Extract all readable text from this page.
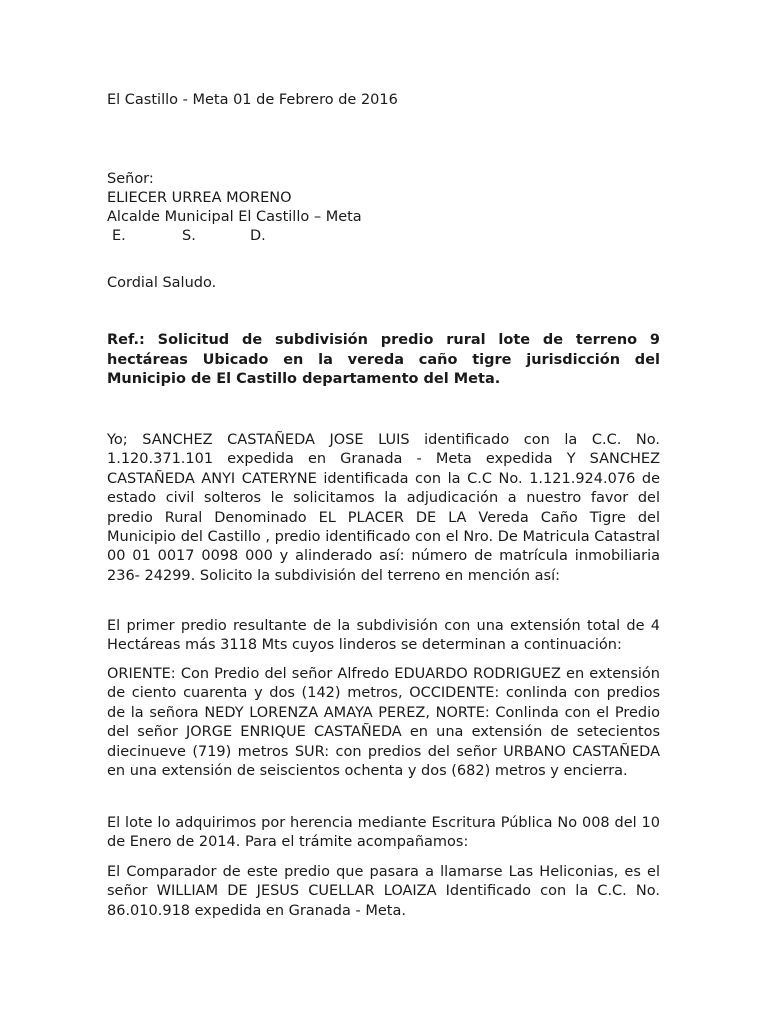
El Castillo - Meta 01 de Febrero de 2016
Señor:
ELIECER URREA MORENO
Alcalde Municipal El Castillo – Meta
E.	S.	D.
Cordial Saludo.
Ref.: Solicitud de subdivisión predio rural lote de terreno 9 hectáreas Ubicado en la vereda caño tigre jurisdicción del Municipio de El Castillo departamento del Meta.
Yo; SANCHEZ CASTAÑEDA JOSE LUIS identificado con la C.C. No. 1.120.371.101 expedida en Granada - Meta expedida Y SANCHEZ CASTAÑEDA ANYI CATERYNE identificada con la C.C No. 1.121.924.076 de estado civil solteros le solicitamos la adjudicación a nuestro favor del predio Rural Denominado EL PLACER DE LA Vereda Caño Tigre del Municipio del Castillo , predio identificado con el Nro. De Matricula Catastral 00 01 0017 0098 000 y alinderado así: número de matrícula inmobiliaria 236- 24299. Solicito la subdivisión del terreno en mención así:
El primer predio resultante de la subdivisión con una extensión total de 4 Hectáreas más 3118 Mts cuyos linderos se determinan a continuación:
ORIENTE: Con Predio del señor Alfredo EDUARDO RODRIGUEZ en extensión de ciento cuarenta y dos (142) metros, OCCIDENTE: conlinda con predios de la señora NEDY LORENZA AMAYA PEREZ, NORTE: Conlinda con el Predio del señor JORGE ENRIQUE CASTAÑEDA en una extensión de setecientos diecinueve (719) metros SUR: con predios del señor URBANO CASTAÑEDA en una extensión de seiscientos ochenta y dos (682) metros y encierra.
El lote lo adquirimos por herencia mediante Escritura Pública No 008 del 10 de Enero de 2014. Para el trámite acompañamos:
El Comparador de este predio que pasara a llamarse Las Heliconias, es el señor WILLIAM DE JESUS CUELLAR LOAIZA Identificado con la C.C. No. 86.010.918 expedida en Granada - Meta.
